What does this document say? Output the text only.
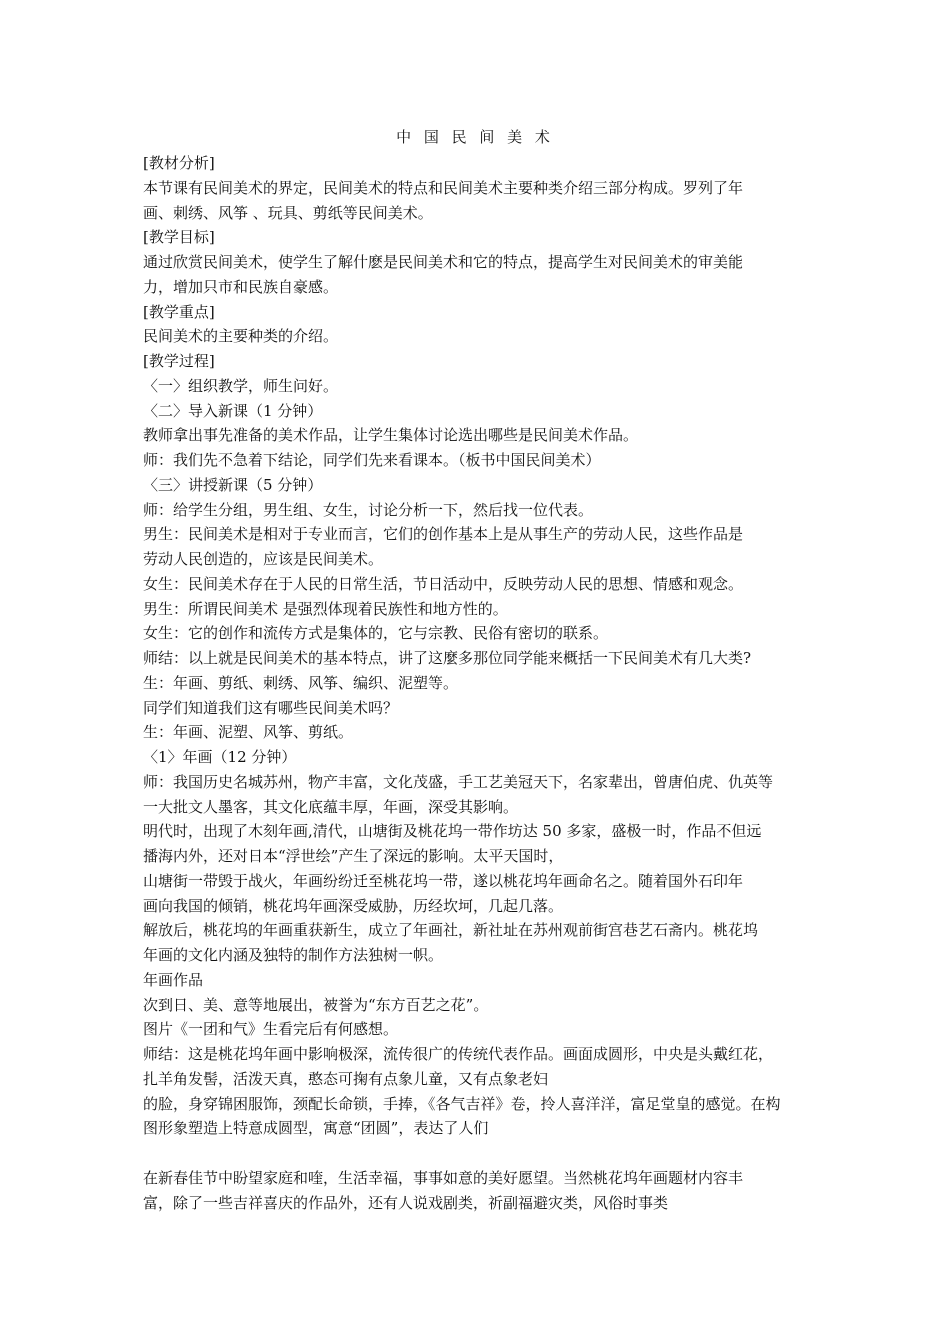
中 国 民 间 美 术
[教材分析]
本节课有民间美术的界定，民间美术的特点和民间美术主要种类介绍三部分构成。罗列了年
画、刺绣、风筝 、玩具、剪纸等民间美术。
[教学目标]
通过欣赏民间美术，使学生了解什麽是民间美术和它的特点，提高学生对民间美术的审美能
力，增加只市和民族自豪感。
[教学重点]
民间美术的主要种类的介绍。
[教学过程]
〈一〉组织教学，师生问好。
〈二〉导入新课（1 分钟）
教师拿出事先准备的美术作品，让学生集体讨论选出哪些是民间美术作品。
师：我们先不急着下结论，同学们先来看课本。（板书中国民间美术）
〈三〉讲授新课（5 分钟）
师：给学生分组，男生组、女生，讨论分析一下，然后找一位代表。
男生：民间美术是相对于专业而言，它们的创作基本上是从事生产的劳动人民，这些作品是
劳动人民创造的，应该是民间美术。
女生：民间美术存在于人民的日常生活，节日活动中，反映劳动人民的思想、情感和观念。
男生：所谓民间美术 是强烈体现着民族性和地方性的。
女生：它的创作和流传方式是集体的，它与宗教、民俗有密切的联系。
师结：以上就是民间美术的基本特点，讲了这麼多那位同学能来概括一下民间美术有几大类?
生：年画、剪纸、刺绣、风筝、编织、泥塑等。
同学们知道我们这有哪些民间美术吗？
生：年画、泥塑、风筝、剪纸。
〈1〉年画（12 分钟）
师：我国历史名城苏州，物产丰富，文化茂盛，手工艺美冠天下，名家辈出，曾唐伯虎、仇英等
一大批文人墨客，其文化底蕴丰厚，年画，深受其影响。
明代时，出现了木刻年画,清代，山塘街及桃花坞一带作坊达 50 多家，盛极一时，作品不但远
播海内外，还对日本“浮世绘”产生了深远的影响。太平天国时，
山塘街一带毁于战火，年画纷纷迁至桃花坞一带，遂以桃花坞年画命名之。随着国外石印年
画向我国的倾销，桃花坞年画深受威胁，历经坎坷，几起几落。
解放后，桃花坞的年画重获新生，成立了年画社，新社址在苏州观前街宫巷艺石斋内。桃花坞
年画的文化内涵及独特的制作方法独树一帜。
年画作品
次到日、美、意等地展出，被誉为“东方百艺之花”。
图片《一团和气》生看完后有何感想。
师结：这是桃花坞年画中影响极深，流传很广的传统代表作品。画面成圆形，中央是头戴红花，
扎羊角发髻，活泼天真，憨态可掬有点象儿童，又有点象老妇
的脸，身穿锦困服饰，颈配长命锁，手捧，《各气吉祥》卷，拎人喜洋洋，富足堂皇的感觉。在构
图形象塑造上特意成圆型，寓意“团圆”，表达了人们
在新春佳节中盼望家庭和喹，生活幸福，事事如意的美好愿望。当然桃花坞年画题材内容丰
富，除了一些吉祥喜庆的作品外，还有人说戏剧类，祈副福避灾类，风俗时事类
